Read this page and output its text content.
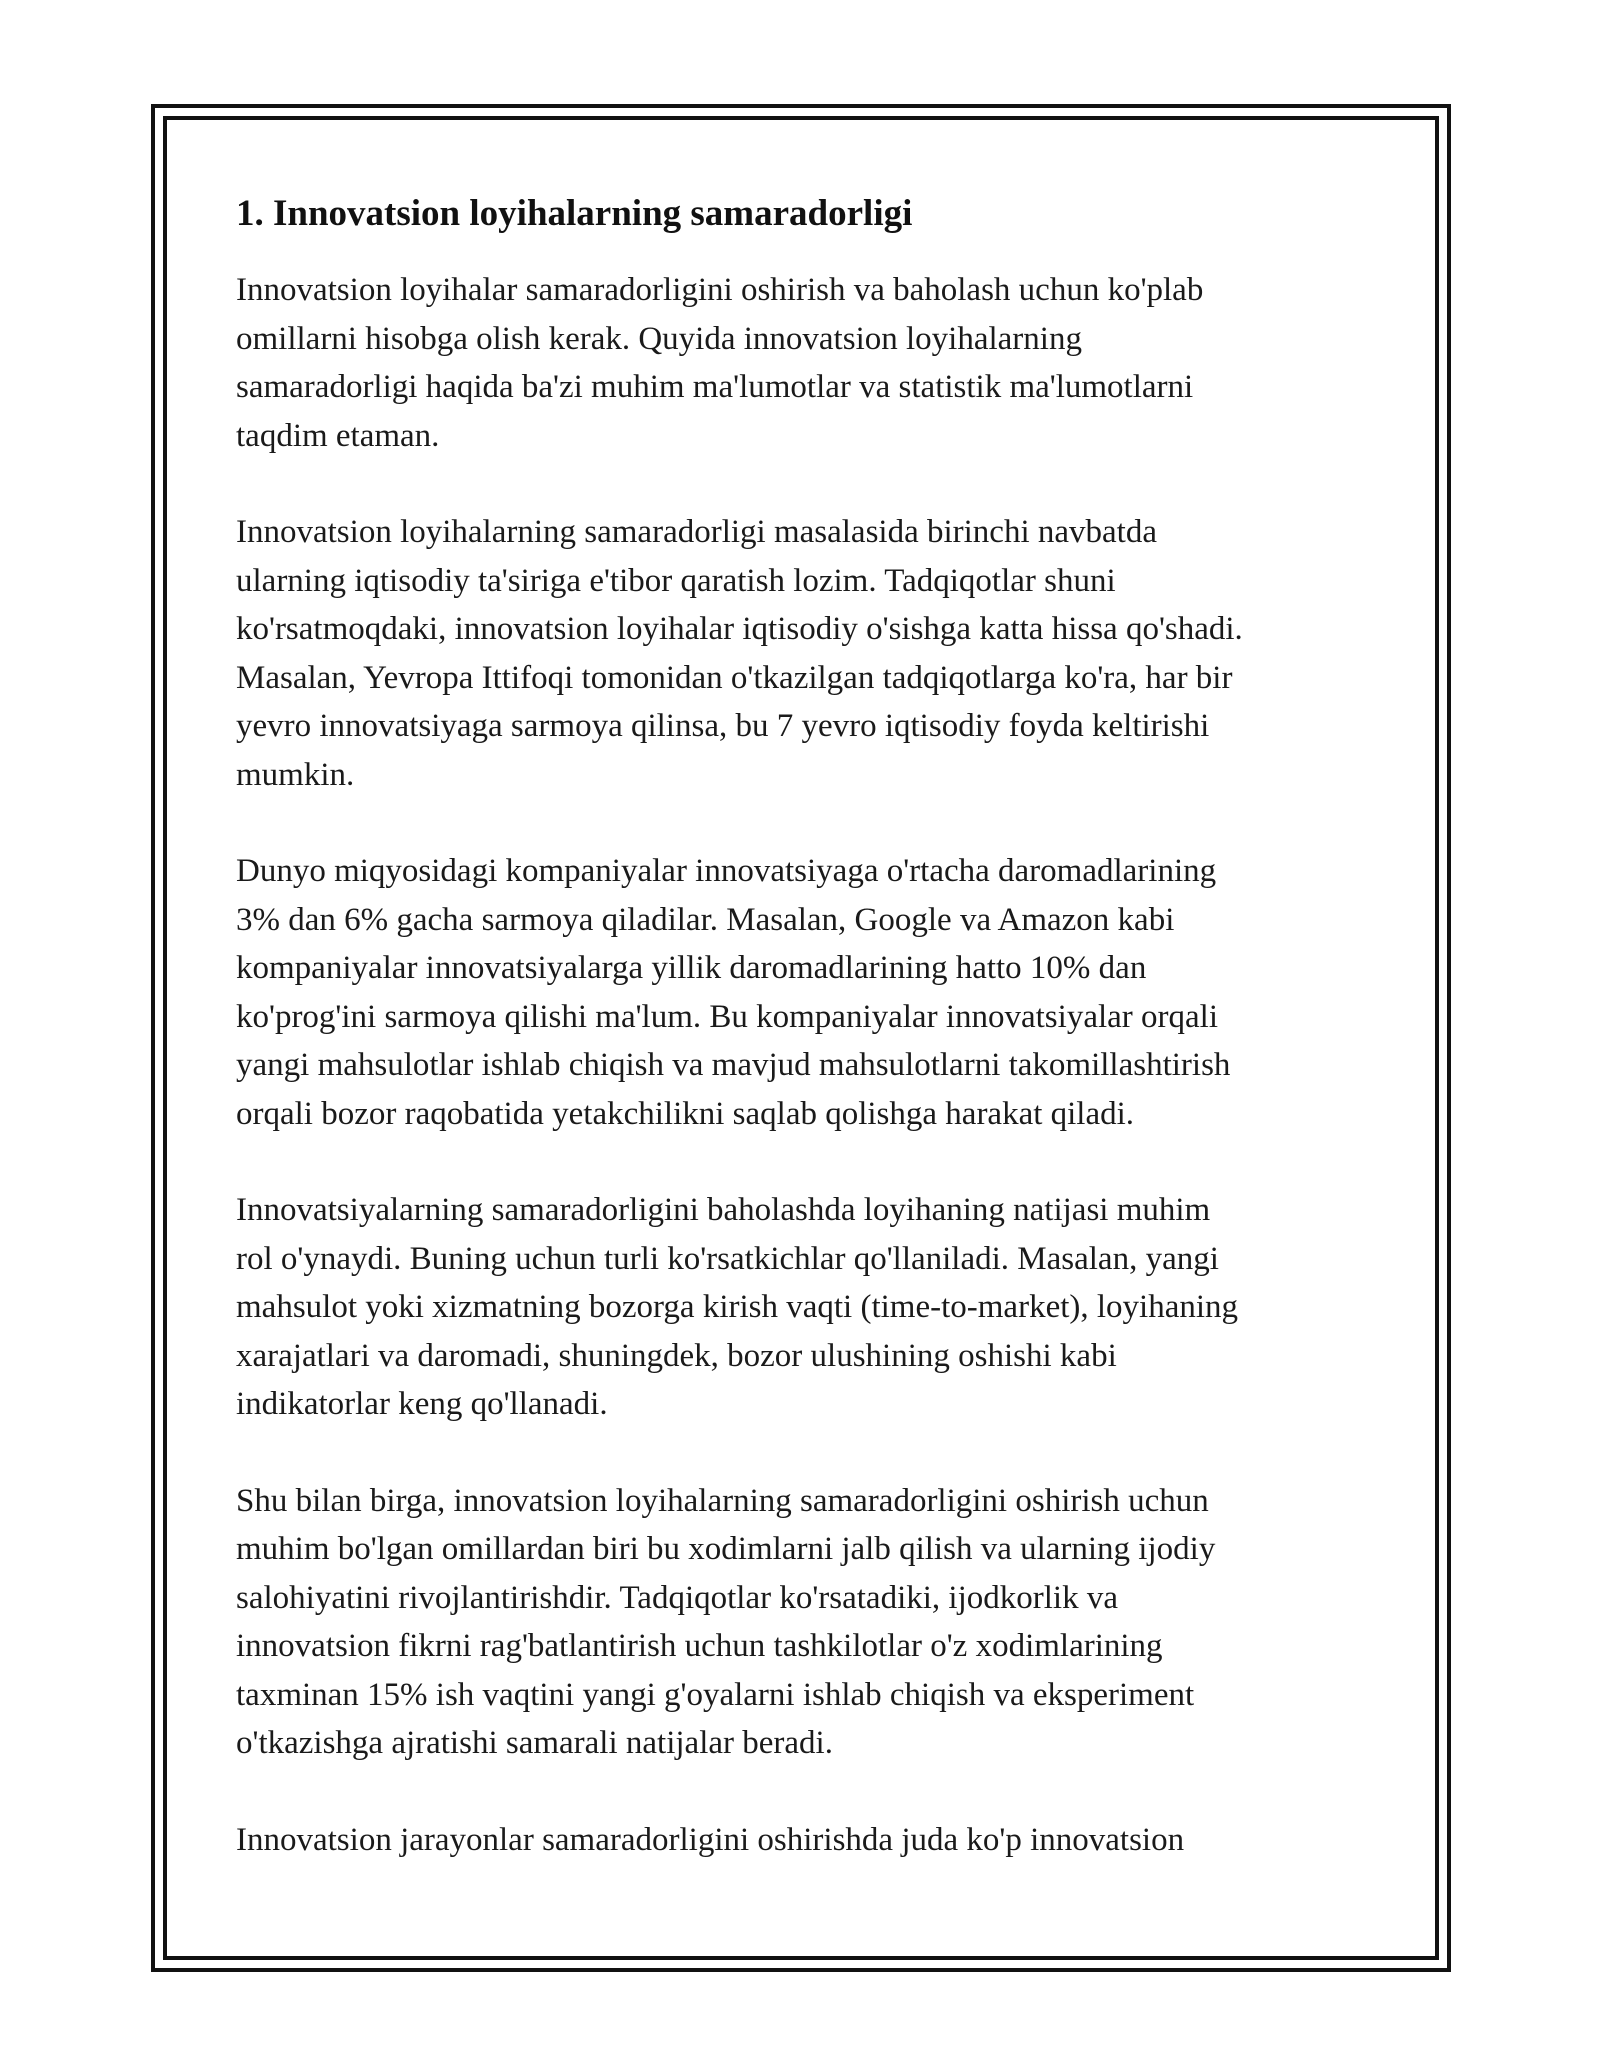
1. Innovatsion loyihalarning samaradorligi

Innovatsion loyihalar samaradorligini oshirish va baholash uchun ko'plab
omillarni hisobga olish kerak. Quyida innovatsion loyihalarning
samaradorligi haqida ba'zi muhim ma'lumotlar va statistik ma'lumotlarni
taqdim etaman.

Innovatsion loyihalarning samaradorligi masalasida birinchi navbatda
ularning iqtisodiy ta'siriga e'tibor qaratish lozim. Tadqiqotlar shuni
ko'rsatmoqdaki, innovatsion loyihalar iqtisodiy o'sishga katta hissa qo'shadi.
Masalan, Yevropa Ittifoqi tomonidan o'tkazilgan tadqiqotlarga ko'ra, har bir
yevro innovatsiyaga sarmoya qilinsa, bu 7 yevro iqtisodiy foyda keltirishi
mumkin.

Dunyo miqyosidagi kompaniyalar innovatsiyaga o'rtacha daromadlarining
3% dan 6% gacha sarmoya qiladilar. Masalan, Google va Amazon kabi
kompaniyalar innovatsiyalarga yillik daromadlarining hatto 10% dan
ko'prog'ini sarmoya qilishi ma'lum. Bu kompaniyalar innovatsiyalar orqali
yangi mahsulotlar ishlab chiqish va mavjud mahsulotlarni takomillashtirish
orqali bozor raqobatida yetakchilikni saqlab qolishga harakat qiladi.

Innovatsiyalarning samaradorligini baholashda loyihaning natijasi muhim
rol o'ynaydi. Buning uchun turli ko'rsatkichlar qo'llaniladi. Masalan, yangi
mahsulot yoki xizmatning bozorga kirish vaqti (time-to-market), loyihaning
xarajatlari va daromadi, shuningdek, bozor ulushining oshishi kabi
indikatorlar keng qo'llanadi.

Shu bilan birga, innovatsion loyihalarning samaradorligini oshirish uchun
muhim bo'lgan omillardan biri bu xodimlarni jalb qilish va ularning ijodiy
salohiyatini rivojlantirishdir. Tadqiqotlar ko'rsatadiki, ijodkorlik va
innovatsion fikrni rag'batlantirish uchun tashkilotlar o'z xodimlarining
taxminan 15% ish vaqtini yangi g'oyalarni ishlab chiqish va eksperiment
o'tkazishga ajratishi samarali natijalar beradi.

Innovatsion jarayonlar samaradorligini oshirishda juda ko'p innovatsion
